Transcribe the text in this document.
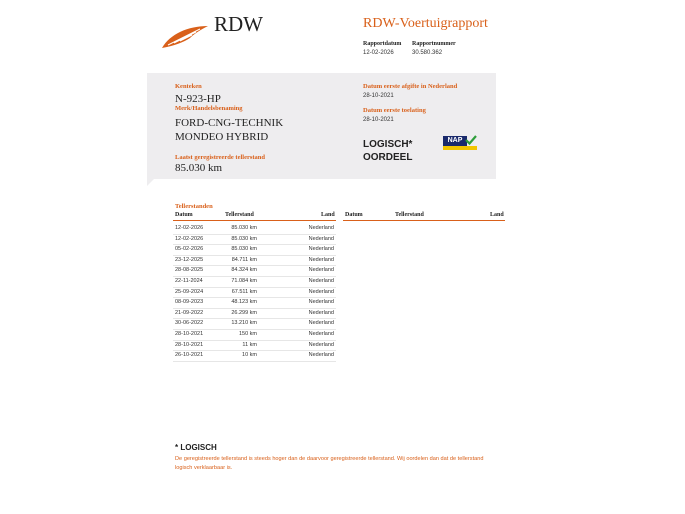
RDW	RDW-Voertuigrapport
Rapportdatum
12-02-2026
Rapportnummer
30.580.362
Kenteken
N-923-HP
Merk/Handelsbenaming
FORD-CNG-TECHNIK
MONDEO HYBRID
Laatst geregistreerde tellerstand
85.030 km
Datum eerste afgifte in Nederland
28-10-2021
Datum eerste toelating
28-10-2021
LOGISCH*
OORDEEL
NAP
Tellerstanden
Datum	Tellerstand	Land Datum	Tellerstand	Land
12-02-2026	85.030 km	Nederland
12-02-2026	85.030 km	Nederland
05-02-2026	85.030 km	Nederland
23-12-2025	84.711 km	Nederland
28-08-2025	84.324 km	Nederland
22-11-2024	71.084 km	Nederland
25-09-2024	67.511 km	Nederland
08-09-2023	48.123 km	Nederland
21-09-2022	26.299 km	Nederland
30-06-2022	13.210 km	Nederland
28-10-2021	150 km	Nederland
28-10-2021	11 km	Nederland
26-10-2021	10 km	Nederland
* LOGISCH
De geregistreerde tellerstand is steeds hoger dan de daarvoor geregistreerde tellerstand. Wij oordelen dan dat de tellerstand logisch verklaarbaar is.
